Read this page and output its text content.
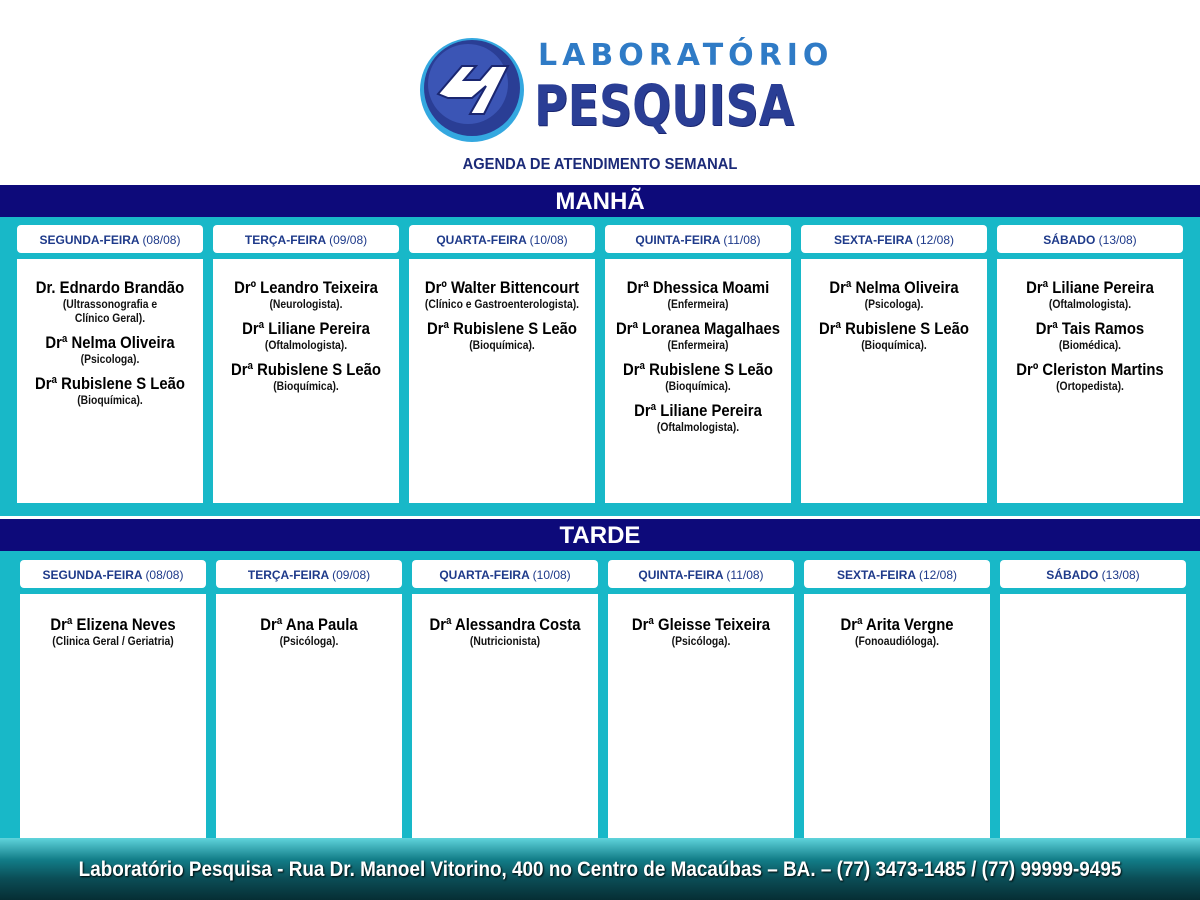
LABORATÓRIO
PESQUISA
AGENDA DE ATENDIMENTO SEMANAL
MANHÃ
SEGUNDA-FEIRA (08/08)
Dr. Ednardo Brandão
(Ultrassonografia e Clínico Geral).
Drª Nelma Oliveira
(Psicologa).
Drª Rubislene S Leão
(Bioquímica).
TERÇA-FEIRA (09/08)
Drº Leandro Teixeira
(Neurologista).
Drª Liliane Pereira
(Oftalmologista).
Drª Rubislene S Leão
(Bioquímica).
QUARTA-FEIRA (10/08)
Drº Walter Bittencourt
(Clínico e Gastroenterologista).
Drª Rubislene S Leão
(Bioquímica).
QUINTA-FEIRA (11/08)
Drª Dhessica Moami
(Enfermeira)
Drª Loranea Magalhaes
(Enfermeira)
Drª Rubislene S Leão
(Bioquímica).
Drª Liliane Pereira
(Oftalmologista).
SEXTA-FEIRA (12/08)
Drª Nelma Oliveira
(Psicologa).
Drª Rubislene S Leão
(Bioquímica).
SÁBADO (13/08)
Drª Liliane Pereira
(Oftalmologista).
Drª Tais Ramos
(Biomédica).
Drº Cleriston Martins
(Ortopedista).
TARDE
SEGUNDA-FEIRA (08/08)
Drª Elizena Neves
(Clinica Geral / Geriatria)
TERÇA-FEIRA (09/08)
Drª Ana Paula
(Psicóloga).
QUARTA-FEIRA (10/08)
Drª Alessandra Costa
(Nutricionista)
QUINTA-FEIRA (11/08)
Drª Gleisse Teixeira
(Psicóloga).
SEXTA-FEIRA (12/08)
Drª Arita Vergne
(Fonoaudióloga).
SÁBADO (13/08)
Laboratório Pesquisa - Rua Dr. Manoel Vitorino, 400 no Centro de Macaúbas – BA. – (77) 3473-1485 / (77) 99999-9495
